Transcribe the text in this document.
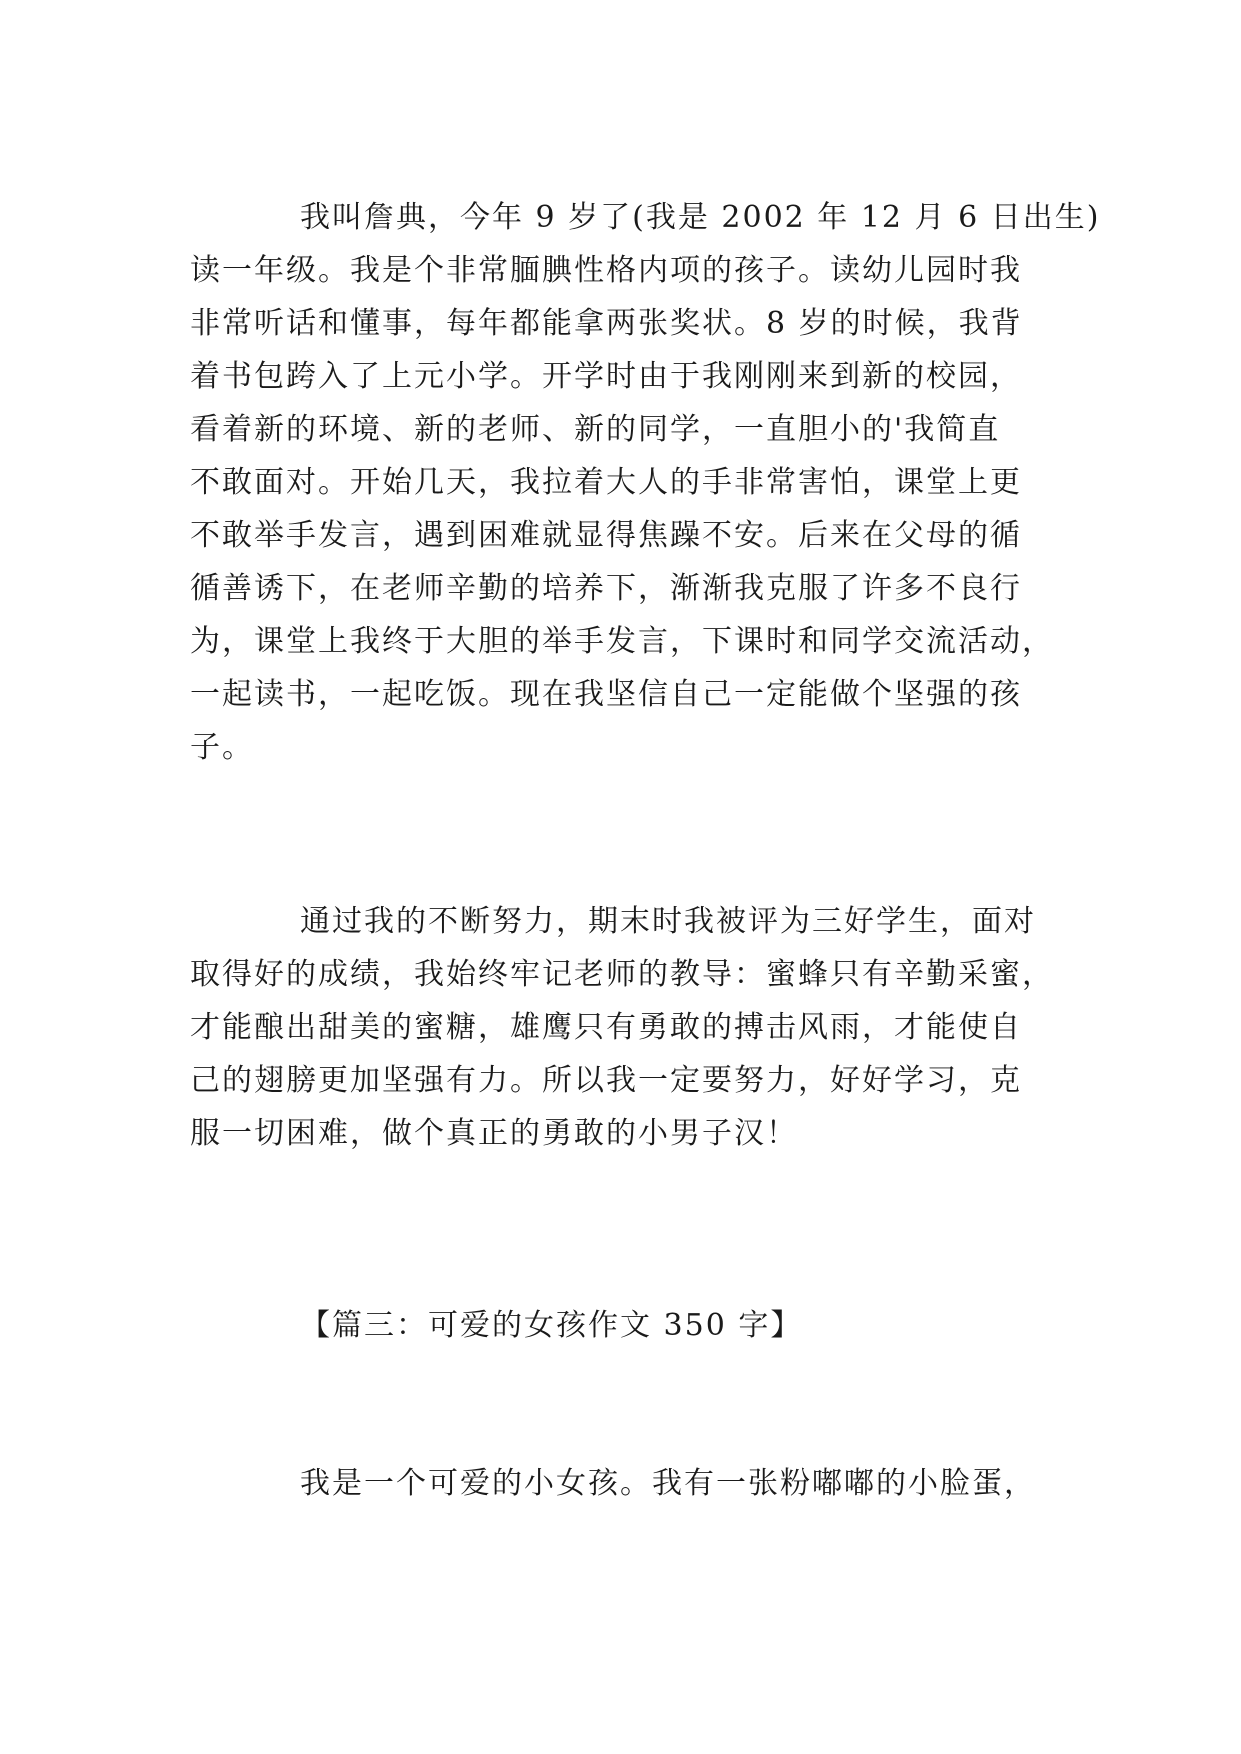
我叫詹典，今年 9 岁了(我是 2002 年 12 月 6 日出生)
读一年级。我是个非常腼腆性格内项的孩子。读幼儿园时我
非常听话和懂事，每年都能拿两张奖状。8 岁的时候，我背
着书包跨入了上元小学。开学时由于我刚刚来到新的校园，
看着新的环境、新的老师、新的同学，一直胆小的'我简直
不敢面对。开始几天，我拉着大人的手非常害怕，课堂上更
不敢举手发言，遇到困难就显得焦躁不安。后来在父母的循
循善诱下，在老师辛勤的培养下，渐渐我克服了许多不良行
为，课堂上我终于大胆的举手发言，下课时和同学交流活动，
一起读书，一起吃饭。现在我坚信自己一定能做个坚强的孩
子。
通过我的不断努力，期末时我被评为三好学生，面对
取得好的成绩，我始终牢记老师的教导：蜜蜂只有辛勤采蜜，
才能酿出甜美的蜜糖，雄鹰只有勇敢的搏击风雨，才能使自
己的翅膀更加坚强有力。所以我一定要努力，好好学习，克
服一切困难，做个真正的勇敢的小男子汉！
【篇三：可爱的女孩作文 350 字】
我是一个可爱的小女孩。我有一张粉嘟嘟的小脸蛋，
